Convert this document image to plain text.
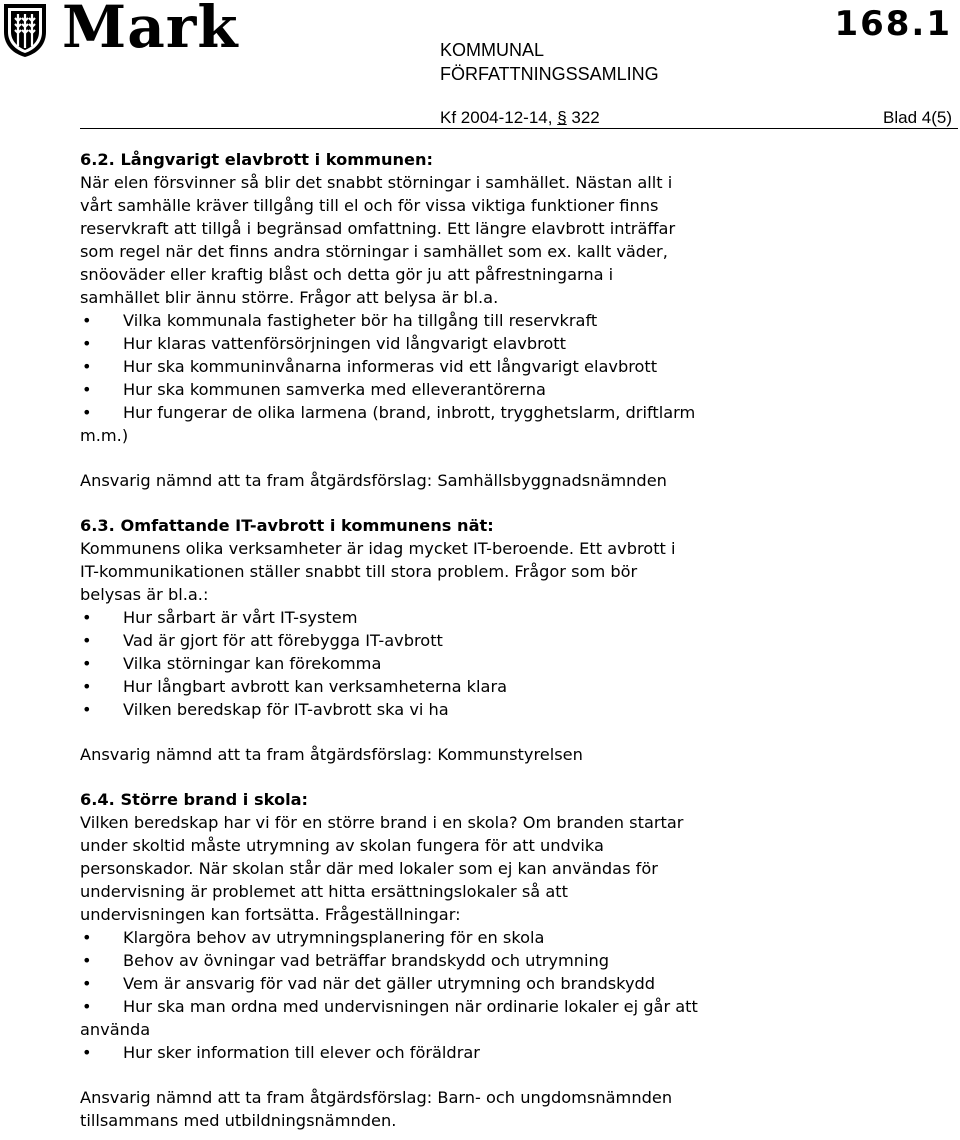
Mark	168.1
KOMMUNAL
FÖRFATTNINGSSAMLING
Kf 2004-12-14, § 322	Blad 4(5)

6.2. Långvarigt elavbrott i kommunen:

När elen försvinner så blir det snabbt störningar i samhället. Nästan allt i

vårt samhälle kräver tillgång till el och för vissa viktiga funktioner finns

reservkraft att tillgå i begränsad omfattning. Ett längre elavbrott inträffar

som regel när det finns andra störningar i samhället som ex. kallt väder,

snöoväder eller kraftig blåst och detta gör ju att påfrestningarna i

samhället blir ännu större. Frågor att belysa är bl.a.

• Vilka kommunala fastigheter bör ha tillgång till reservkraft
• Hur klaras vattenförsörjningen vid långvarigt elavbrott
• Hur ska kommuninvånarna informeras vid ett långvarigt elavbrott
• Hur ska kommunen samverka med elleverantörerna
• Hur fungerar de olika larmena (brand, inbrott, trygghetslarm, driftlarm

m.m.)

Ansvarig nämnd att ta fram åtgärdsförslag: Samhällsbyggnadsnämnden

6.3. Omfattande IT-avbrott i kommunens nät:

Kommunens olika verksamheter är idag mycket IT-beroende. Ett avbrott i

IT-kommunikationen ställer snabbt till stora problem. Frågor som bör

belysas är bl.a.:

• Hur sårbart är vårt IT-system
• Vad är gjort för att förebygga IT-avbrott
• Vilka störningar kan förekomma
• Hur långbart avbrott kan verksamheterna klara
• Vilken beredskap för IT-avbrott ska vi ha

Ansvarig nämnd att ta fram åtgärdsförslag: Kommunstyrelsen

6.4. Större brand i skola:

Vilken beredskap har vi för en större brand i en skola? Om branden startar

under skoltid måste utrymning av skolan fungera för att undvika

personskador. När skolan står där med lokaler som ej kan användas för

undervisning är problemet att hitta ersättningslokaler så att

undervisningen kan fortsätta. Frågeställningar:

• Klargöra behov av utrymningsplanering för en skola
• Behov av övningar vad beträffar brandskydd och utrymning
• Vem är ansvarig för vad när det gäller utrymning och brandskydd
• Hur ska man ordna med undervisningen när ordinarie lokaler ej går att

använda

• Hur sker information till elever och föräldrar

Ansvarig nämnd att ta fram åtgärdsförslag: Barn- och ungdomsnämnden

tillsammans med utbildningsnämnden.
